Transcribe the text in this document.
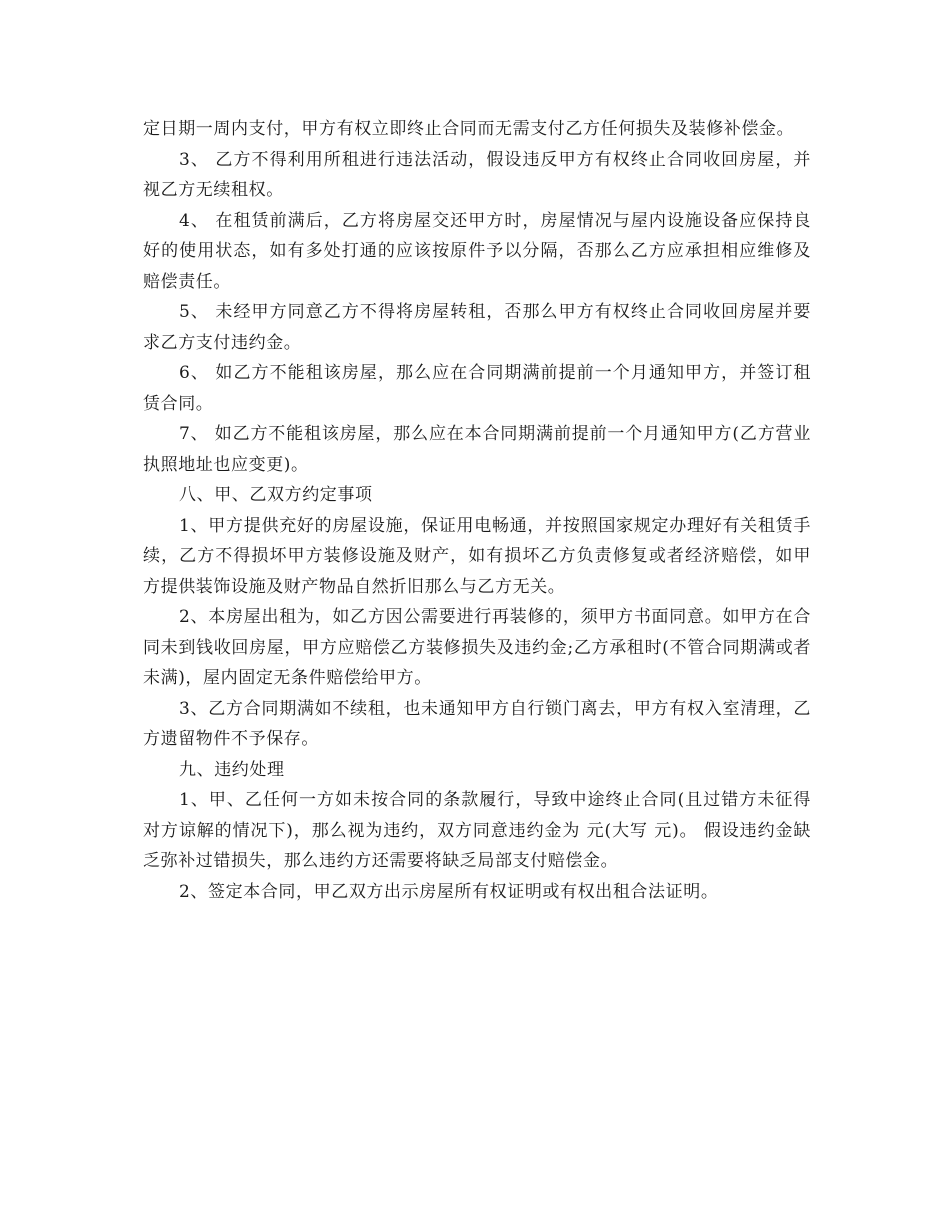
定日期一周内支付，甲方有权立即终止合同而无需支付乙方任何损失及装修补偿金。

3、 乙方不得利用所租进行违法活动，假设违反甲方有权终止合同收回房屋，并视乙方无续租权。

4、 在租赁前满后，乙方将房屋交还甲方时，房屋情况与屋内设施设备应保持良好的使用状态，如有多处打通的应该按原件予以分隔，否那么乙方应承担相应维修及赔偿责任。

5、 未经甲方同意乙方不得将房屋转租，否那么甲方有权终止合同收回房屋并要求乙方支付违约金。

6、 如乙方不能租该房屋，那么应在合同期满前提前一个月通知甲方，并签订租赁合同。

7、 如乙方不能租该房屋，那么应在本合同期满前提前一个月通知甲方(乙方营业执照地址也应变更)。

八、甲、乙双方约定事项

1、甲方提供充好的房屋设施，保证用电畅通，并按照国家规定办理好有关租赁手续，乙方不得损坏甲方装修设施及财产，如有损坏乙方负责修复或者经济赔偿，如甲方提供装饰设施及财产物品自然折旧那么与乙方无关。

2、本房屋出租为，如乙方因公需要进行再装修的，须甲方书面同意。如甲方在合同未到钱收回房屋，甲方应赔偿乙方装修损失及违约金;乙方承租时(不管合同期满或者未满)，屋内固定无条件赔偿给甲方。

3、乙方合同期满如不续租，也未通知甲方自行锁门离去，甲方有权入室清理，乙方遗留物件不予保存。

九、违约处理

1、甲、乙任何一方如未按合同的条款履行，导致中途终止合同(且过错方未征得对方谅解的情况下)，那么视为违约，双方同意违约金为 元(大写 元)。 假设违约金缺乏弥补过错损失，那么违约方还需要将缺乏局部支付赔偿金。

2、签定本合同，甲乙双方出示房屋所有权证明或有权出租合法证明。
